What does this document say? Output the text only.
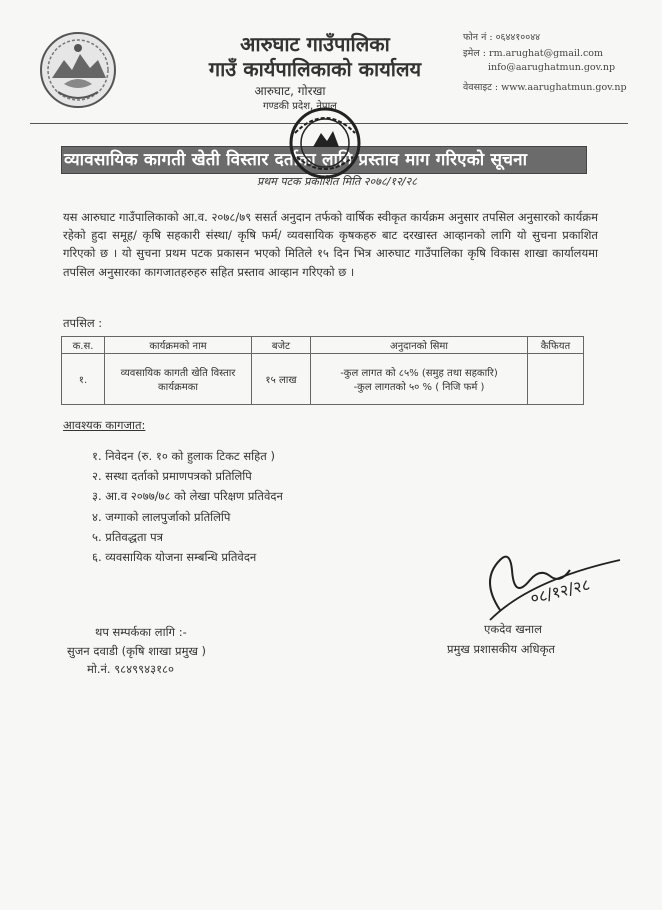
आरुघाट गाउँपालिका
गाउँ कार्यपालिकाको कार्यालय
आरुघाट, गोरखा
गण्डकी प्रदेश, नेपाल
फोन नं : ०६४४१००४४
इमेल : rm.arughat@gmail.com
info@aarughatmun.gov.np
वेवसाइट : www.aarughatmun.gov.np
व्यावसायिक कागती खेती विस्तार दर्ताका लागि प्रस्ताव माग गरिएको सूचना
प्रथम पटक प्रकाशित मिति २०७८/१२/२८
यस आरुघाट गाउँपालिकाको आ.व. २०७८/७९ ससर्त अनुदान तर्फको वार्षिक स्वीकृत कार्यक्रम अनुसार तपसिल अनुसारको कार्यक्रम रहेको हुदा समूह/ कृषि सहकारी संस्था/ कृषि फर्म/ व्यवसायिक कृषकहरु बाट दरखास्त आव्हानको लागि यो सुचना प्रकाशित गरिएको छ । यो सुचना प्रथम पटक प्रकासन भएको मितिले १५ दिन भित्र आरुघाट गाउँपालिका कृषि विकास शाखा कार्यालयमा तपसिल अनुसारका कागजातहरुहरु सहित प्रस्ताव आव्हान गरिएको छ ।
तपसिल :
क.स.	कार्यक्रमको नाम	बजेट	अनुदानको सिमा	कैफियत
१.	व्यवसायिक कागती खेति विस्तार कार्यक्रमका	१५ लाख	-कुल लागत को ८५% (समुह तथा सहकारि)
-कुल लागतको ५० % ( निजि फर्म )	

आवश्यक कागजात:
१. निवेदन (रु. १० को हुलाक टिकट सहित )
२. सस्था दर्ताको प्रमाणपत्रको प्रतिलिपि
३. आ.व २०७७/७८ को लेखा परिक्षण प्रतिवेदन
४. जग्गाको लालपुर्जाको प्रतिलिपि
५. प्रतिवद्धता पत्र
६. व्यवसायिक योजना सम्बन्धि प्रतिवेदन
०८/१२/२८
थप सम्पर्कका लागि :-
सुजन दवाडी (कृषि शाखा प्रमुख )
मो.नं. ९८४९९४३१८०
एकदेव खनाल
प्रमुख प्रशासकीय अधिकृत
